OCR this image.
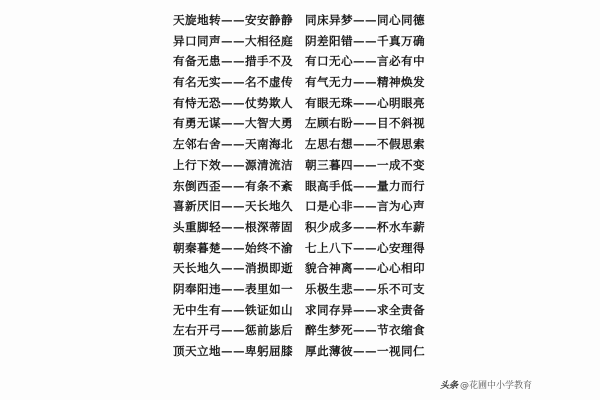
天旋地转——安安静静
异口同声——大相径庭
有备无患——措手不及
有名无实——名不虚传
有恃无恐——仗势欺人
有勇无谋——大智大勇
左邻右舍——天南海北
上行下效——源清流洁
东倒西歪——有条不紊
喜新厌旧——天长地久
头重脚轻——根深蒂固
朝秦暮楚——始终不渝
天长地久——消损即逝
阴奉阳违——表里如一
无中生有——铁证如山
左右开弓——惩前毖后
顶天立地——卑躬屈膝
同床异梦——同心同德
阴差阳错——千真万确
有口无心——言必有中
有气无力——精神焕发
有眼无珠——心明眼亮
左顾右盼——目不斜视
左思右想——不假思索
朝三暮四——一成不变
眼高手低——量力而行
口是心非——言为心声
积少成多——杯水车薪
七上八下——心安理得
貌合神离——心心相印
乐极生悲——乐不可支
求同存异——求全责备
醉生梦死——节衣缩食
厚此薄彼——一视同仁
头条 @花圃中小学教育
